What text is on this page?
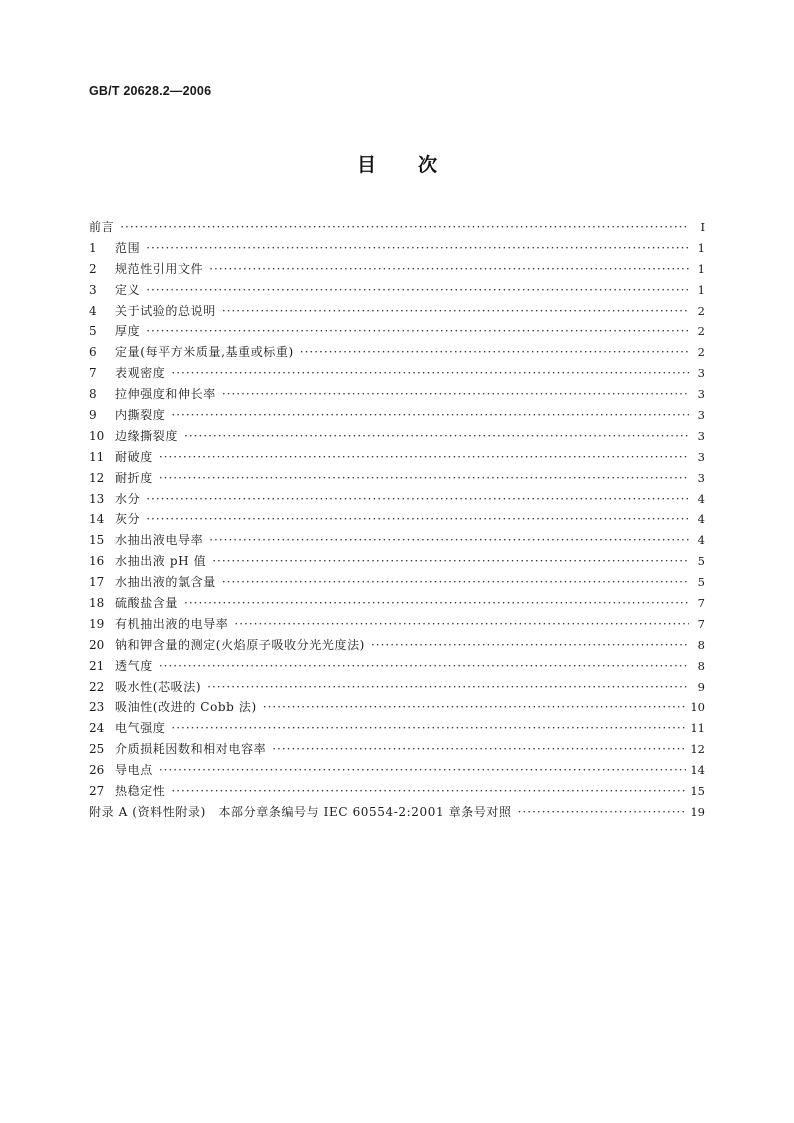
GB/T 20628.2—2006
目次
前言 ·····	I
1	范围 ·····	1
2	规范性引用文件 ·····	1
3	定义 ·····	1
4	关于试验的总说明 ·····	2
5	厚度 ·····	2
6	定量(每平方米质量,基重或标重) ·····	2
7	表观密度 ·····	3
8	拉伸强度和伸长率 ·····	3
9	内撕裂度 ·····	3
10 边缘撕裂度 ·····	3
11 耐破度 ·····	3
12 耐折度 ·····	3
13 水分 ·····	4
14 灰分 ·····	4
15 水抽出液电导率 ·····	4
16 水抽出液 pH 值 ·····	5
17 水抽出液的氯含量 ·····	5
18 硫酸盐含量 ·····	7
19 有机抽出液的电导率 ·····	7
20 钠和钾含量的测定(火焰原子吸收分光光度法) ·····	8
21 透气度 ·····	8
22 吸水性(芯吸法) ·····	9
23 吸油性(改进的 Cobb 法) ·····	10
24 电气强度 ·····	11
25 介质损耗因数和相对电容率 ·····	12
26 导电点 ·····	14
27 热稳定性 ·····	15
附录 A (资料性附录)　本部分章条编号与 IEC 60554-2:2001 章条号对照 ·····	19
